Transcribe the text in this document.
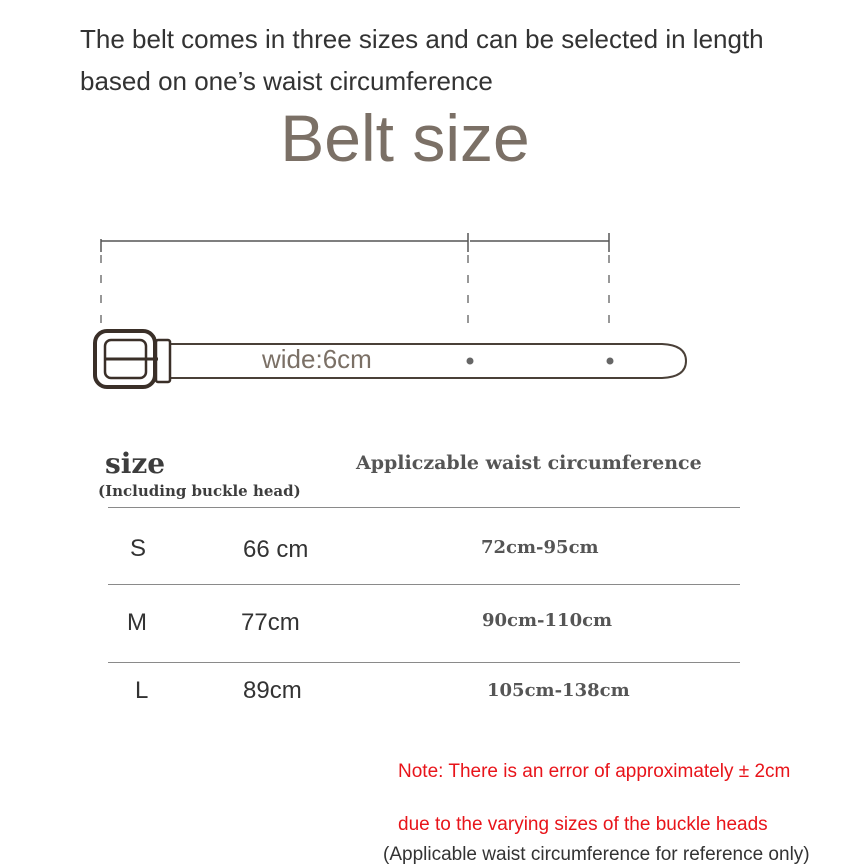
The belt comes in three sizes and can be selected in length
based on one’s waist circumference
Belt size
wide:6cm
size
(Including buckle head)
Appliczable waist circumference
S	66 cm	72cm-95cm
M	77cm	90cm-110cm
L	89cm	105cm-138cm
Note: There is an error of approximately ± 2cm
due to the varying sizes of the buckle heads
(Applicable waist circumference for reference only)
